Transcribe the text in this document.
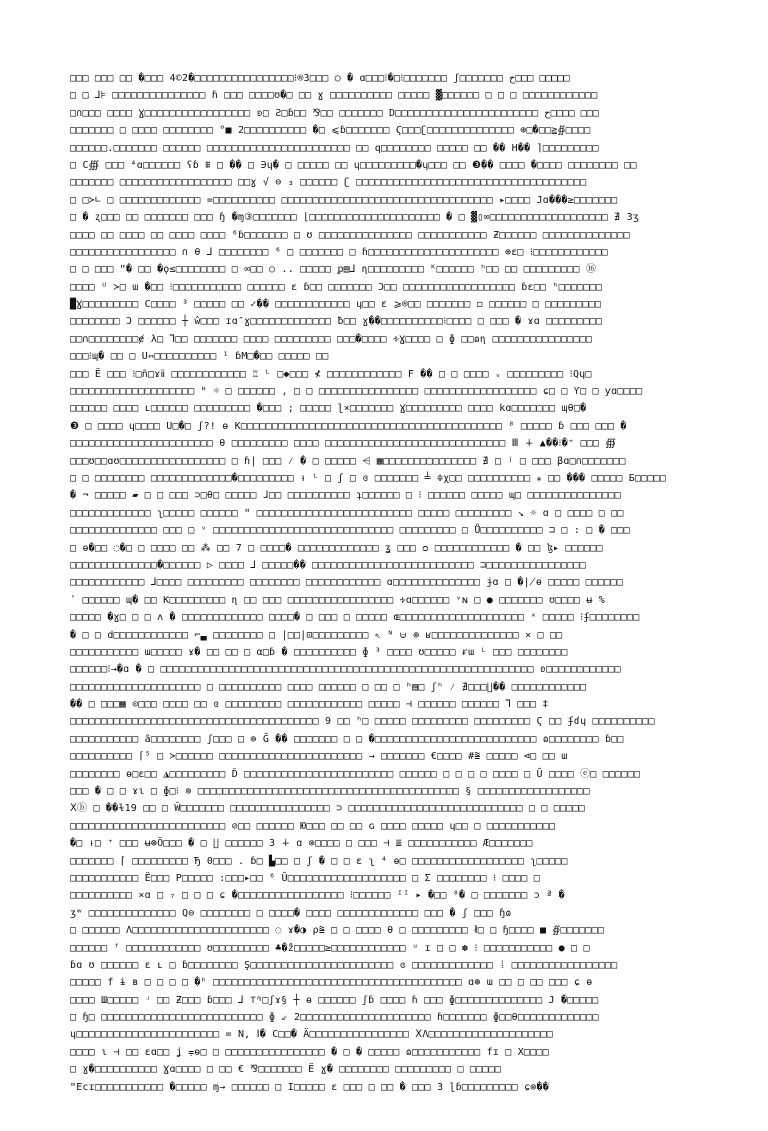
□□□ □□□ □□ �□□□ 4©2�□□□□□□□□□□□□□□□□⁝®3□□□ ○ � ɑ□□□⁝�□⁝□□□□□□□ ʃ□□□□□□□ ح□□□ □□□□□
□ □ ⅃⊧ □□□□□□□□□□□□□□□ ɦ □□□ □□□□ʊ�□ □□ ɣ □□□□□□□□□□ □□□□□ ▓□□□□□□ □ □ □ □□□□□□□□□□□□
□∩□□□ □□□□ Ɣ□□□□□□□□□□□□□□□□□ ʚ□ Ƨ□ɓ□□ ⅋□□ □□□□□□□ D□□□□□□□□□□□□□□□□□□□□□□□ ح□□□□ □□□
□□□□□□□ □ □□□□ □□□□□□□□ °■ 2□□□□□□□□□□ �□ ⩽ɓ□□□□□□□ Ϛ□□□ʗ□□□□□□□□□□□□□□ ⊕□�□□≧∯□□□□
□□□□□□.□□□□□□□ □□□□□□ □□□□□□□□□□□□□□□□□□□□□□□ □□ q□□□□□□□□ □□□□□ □□ �� H�� ⌉□□□□□□□□□
□ C∰ □□□ ⁴ɑ□□□□□□ ʕɓ ⩩ □ �� □ ∋ɥ� □ □□□□□ □□ ɥ□□□□□□□□□�ɥ□□□ □□ ❸�� □□□□ �□□□□ □□□□□□□□ □□
□□□□□□□ □□□□□□□□□□□□□□□□□□ □□ɣ √ ⊖ ₃ □□□□□□ ʗ □□□□□□□□□□□□□□□□□□□□□□□□□□□□□□□□□□□□□
□ □≻∟ □ □□□□□□□□□□□□□ =□□□□□□□□□□ □□□□□□□□□□□□□□□□□□□□□□□□□□□□□□□□□□ ▸□□□□ Jɑ���≥□□□□□□□
□ � ʐ□□□ □□ □□□□□□□ □□□ ɧ �ɱ③□□□□□□□ ⌊□□□□□□□□□□□□□□□□□□□□□ � □ ▓▯∞□□□□□□□□□□□□□□□□□□□ ∄ 3ʒ
□□□□ □□ □□□□ □□ □□□□ □□□□ ⁶ɓ□□□□□□□ □ ʊ □□□□□□□□□□□□□□□ □□□□□□□□□□□ Ƶ□□□□□□ □□□□□□□□□□□□□□
□□□□□□□□□□□□□□□□□ ∩ θ ⅃ □□□□□□□□ ⁶ □ □□□□□□□ □ ɦ□□□□□□□□□□□□□□□□□□□□□ ⊕ɛ□ ⁝□□□□□□□□□□□□
□ □ □□□ ʺ� □□ �ϙ≤□□□□□□□□ □ ∞□□ ○ .. □□□□□ ᵱ▤⅃ ɳ□□□□□□□□□ ᴷ□□□□□□ ʰ□□ □□ □□□□□□□□□ ⑯
□□□□ ᵁ ≻□ ɯ �□□ ⁝□□□□□□□□□□□ □□□□□□ ɛ ɓ□□ □□□□□□□ Ɔ□□ □□□□□□□□□□□□□□□□□□ ɓɛ□□ ʰ□□□□□□□
█Ɣ□□□□□□□□□ C□□□□ ³ □□□□□ □□ ✓�� □□□□□□□□□□□□ ɥ□□ ɛ ⩾®□□ □□□□□□□ ◻ □□□□□□ □ □□□□□□□□□
□□□□□□□□ Ɔ □□□□□□ ┼ ŵ□□□ ɪɑ″ɣ□□□□□□□□□□□□□ ƀ□□ ɣ��□□□□□□□□□□⁝□□□□ □ □□□ � ɤɑ □□□□□□□□□
□□∩□□□□□□□□ɇ λ□ ⅂□□ □□□□□□□ □□□□ □□□□□□□□□ □□□�□□□□ ∻Ɣ□□□□ □ ɸ □□ɷɳ □□□□□□□□□□□□□□□□
□□□⁝ɰ� □□ □ U⇔□□□□□□□□□□ ¹ ɓM□�□□ □□□□□ □□
□□□ Ë □□□ ⁝□ñ□ɤⅱ □□□□□□□□□□□□ ♖ ᴸ □◆□□□ ⊀ □□□□□□□□□□□□ F �� □ □ □□□□ ᵥ □□□□□□□□□ ⁝Qɥ□
□□□□□□□□□□□□□□□□□□□□ ᴴ ☼ □ □□□□□□ , □ □ □□□□□□□□□□□□□□□□ □□□□□□□□□□□□□□□□□□ ɕ□ □ Ƴ□ □ ƴɑ□□□□
□□□□□□ □□□□ ʟ□□□□□□ □□□□□□□□□ �□□□ ; □□□□□ ɭ×□□□□□□□ Ɣ□□□□□□□□□ □□□□ kɑ□□□□□□□ ɰθ□�
❸ □ □□□□ ɥ□□□□ U□�□ ʃ?! ɵ K□□□□□□□□□□□□□□□□□□□□□□□□□□□□□□□□□□□□□□□□□□ ⁸ □□□□□ ɓ □□□ □□□ �
□□□□□□□□□□□□□□□□□□□□□□□ θ □□□□□□□□□ □□□□ □□□□□□□□□□□□□□□□□□□□□□□□□□□□□ Ⅲ ∔ ▲��⁝�⁺ □□□ ∰
□□□ʊ□□ɑʊ□□□□□□□□□□□□□□□□□ □ ɦ∣ □□□ ⁄ � □ □□□□□ ⩤ ▦□□□□□□□□□□□□□□□ ∄ □ ʲ □ □□□ βɑ□∩□□□□□□□
□ □ □□□□□□□□ □□□□□□□□□□□□□�□□□□□□□□□ ᵼ ᴸ □ ʃ □ ɞ □□□□□□□ ╧ ≑χ□□ □□□□□□□□□□ ⁎ □□ ��� □□□□□ Б□□□□□
� ¬ □□□□□ ▰ □ □ □□□ ⊃□θ□ □□□□□ ɺ□□ □□□□□□□□□□ ʇ□□□□□□ □ ⁝ □□□□□□ □□□□□ ɰ□ □□□□□□□□□□□□□□□
□□□□□□□□□□□□□ ʅ□□□□□ □□□□□□ ʺ □□□□□□□□□□□□□□□□□□□□□□□□□ □□□□□ □□□□□□□□□ ↘ ☼ ɑ □ □□□□ □ □□
□□□□□□□□□□□□□□ □□□ □ ᵛ □□□□□□□□□□□□□□□□□□□□□□□□□□□□□ □□□□□□□□□ □ Ů□□□□□□□□□□ ⊐ □ : □ � □□□
□ ɵ�□□ ◌�□ □ □□□□ □□ ⁂ □□ 7 □ □□□□� □□□□□□□□□□□□□ ʓ □□□ ᴑ □□□□□□□□□□□□ � □□ ɮ▸ □□□□□□
□□□□□□□□□□□□□□�□□□□□□ ▷ □□□□ ⅃ □□□□□�� □□□□□□□□□□□□□□□□□□□□□□□□□□ ⊐□□□□□□□□□□□□□□□□
□□□□□□□□□□□□ ⅃□□□□ □□□□□□□□□ □□□□□□□□ □□□□□□□□□□□□ ɑ□□□□□□□□□□□□□□ ɉɑ □ �∤ɵ □□□□□ □□□□□□
ʹ □□□□□□ ɰ� □□ Ƙ□□□□□□□□□ ɳ □□ □□□ □□□□□□□□□□□□□□□□□ ∻ɑ□□□□□□ ᵛɴ □ ● □□□□□□□ ʊ□□□□ ʉ %
□□□□□ �ɣ□ □ □ ʌ � □□□□□□□□□□□□□ □□□□� □ □□□ □ □□□□□ ɶ□□□□□□□□□□□□□□□□□□□□ ˣ □□□□□ ⁝ʄ□□□□□□□□
� □ □ d□□□□□□□□□□□□ ⌐▃ □□□□□□□□ □ ∣□□∣⊡□□□□□□□□□ ⇖ ᴺ ⩁ ⊚ ʁ□□□□□□□□□□□□□□ × □ □□
□□□□□□□□□□□ ɯ□□□□□ ɤ� □□ □□ □ α□ɓ � □□□□□□□□□□ ɸ ³ □□□□ ʊ□□□□□ ᵲɯ ᴸ □□□ □□□□□□□□
□□□□□□⁝→�ɑ � □ □□□□□□□□□□□□□□□□□□□□□□□□□□□□□□□□□□□□□□□□□□□□□□□□□□□□□□□□□□□□ ʚ□□□□□□□□□□□□
□□□□□□□□□□□□□□□□□□□□□ □ □□□□□□□□□□ □□□□ □□□□□□ □ □□ □ ʰ▤□ ʃʰ ⁄ ∄□□□∐�� □□□□□□□□□□□□
�� □ □□□▦ ⊙□□□ □□□□ □□ ɞ □□□□□□□□□ □□□□□□□□□□□□ □□□□□ ⊣ □□□□□□ □□□□□□ ⅂ □□□ ‡
□□□□□□□□□□□□□□□□□□□□□□□□□□□□□□□□□□□□□□□□ 9 □□ ʰ□ □□□□□ □□□□□□□□□ □□□□□□□□□ Ϛ □□ ʄɗɥ □□□□□□□□□□
□□□□□□□□□□□ ã□□□□□□□□ ʃ□□□ □ ⊚ Ğ �� □□□□□□□ □ □ �□□□□□□□□□□□□□□□□□□□□□□□□□□ ɷ□□□□□□□□ ɓ□□
□□□□□□□□□□ ⌈⁵ □ ≻□□□□□□ □□□□□□□□□□□□□□□□□□□□□□□ → □□□□□□□ €□□□□ #⩰ □□□□□ ⊲□ □□ ɯ
□□□□□□□□ ɵ□ɛ□□ ◮□□□□□□□□□ Ď □□□□□□□□□□□□□□□□□□□□□□□□ □□□□□□ □ □ □ □ □□□□ □ Ŭ □□□□ ⓔ□ □□□□□□
□□□ � □ □ ɤɩ □ ɸ□⁝ ⊚ □□□□□□□□□□□□□□□□□□□□□□□□□□□□□□□□□□□□□□□□□□ § □□□□□□□□□□□□□□□□□□
Ⅹⓑ □ ��ɫ19 □□ □ Ŵ□□□□□□□ □□□□□□□□□□□□□□□□ ⊃ □□□□□□□□□□□□□□□□□□□□□□□□□□□□ □ □ □□□□□
□□□□□□□□□□□□□□□□□□□□□□□□□ ⊘□□ □□□□□□ Ю□□□ □□ □□ ɢ □□□□ □□□□□ ɥ□□ □ □□□□□□□□□□□
�□ ᵼ□ ⁺ □□□ ʉ⊛Ö□□□ � □ ∐ □□□□□□ 3 ∔ ɑ ⊗□□□□ □ □□□ ⊣ ≣ □□□□□□□□□□□ Æ□□□□□□□
□□□□□□□ ⌈ □□□□□□□□□ Ђ 0□□□ . ɓ□ ▙□□ □ ʃ � □ □ ɛ ʅ ⁴ ɵ□ □□□□□□□□□□□□□□□□□□ ʅ□□□□□
□□□□□□□□□□□ Ë□□□ P□□□□□ :□□□▸□□ ⁶ Ŭ□□□□□□□□□□□□□□□□□□□ □ Σ □□□□□□□□ ⁝ □□□□ □
□□□□□□□□□□ ×ɑ □ ₇ □ □ □ ɕ �□□□□□□□□□□□□□□□□□ ⁝□□□□□□ ᴵᴵ ▸ �□□ ⁸� □ □□□□□□□ ɔ ª �
ʒʷ □□□□□□□□□□□□□□ Q⊖ □□□□□□□□ □ □□□□� □□□□ □□□□□□□□□□□□□ □□□ � ʃ □□□ ɧɷ
□ □□□□□□ Λ□□□□□□□□□□□□□□□□□□□□□□ ◌ ɤ�◑ ρ⩰ □ □ □□□□ θ □ □□□□□□□□□ ∦□ □ ɧ□□□□ ■ ∯□□□□□□□
□□□□□□ ᶠ □□□□□□□□□□□□ ʊ□□□□□□□□□ ♣�ẑ□□□□□≥□□□□□□□□□□□□ ᵘ ɪ □ □ ✽ ⁝ □□□□□□□□□□□ ● □ □
ɓɑ ʊ □□□□□□ ɛ ʟ □ ɓ□□□□□□□□ Ş□□□□□□□□□□□□□□□□□□□□□□□ ɞ □□□□□□□□□□□□□ ⁞ □□□□□□□□□□□□□□□□□
□□□□□ f ɨ ʙ □ □ □ □ �ʰ □□□□□□□□□□□□□□□□□□□□□□□□□□□□□□□□□□□□□□□□ ɑ⊛ ɯ □□ □ □□ □□□ ɕ ɵ
□□□□ Ш□□□□□ ʴ □□ Ƶ□□□ ɓ□□□ ⅃ ⊤ᶬ□ʃɤ§ ┼ ɵ □□□□□□ ʃɓ □□□□ ɦ □□□ ɸ□□□□□□□□□□□□□□ J �□□□□□
□ ɧ□ □□□□□□□□□□□□□□□□□□□□□□□□□□ ɸ ⇙ 2□□□□□□□□□□□□□□□□□□□□□ ɦ□□□□□□□ ɸ□□θ□□□□□□□□□□□□□
ɥ□□□□□□□□□□□□□□□□□□□□□□□ = N, Ⅰ� C□□� Ä□□□□□□□□□□□□□□□□ ⅩɅ□□□□□□□□□□□□□□□□□□□□
□□□□ ɩ ⊣ □□ ɛɑ□□ ʝ ⩦ɵ□ □ □□□□□□□□□□□□□□□□ � □ � □□□□□ ɷ□□□□□□□□□□□ fɪ □ X□□□□
□ ɣ�□□□□□□□□□□ Ɣɑ□□□□ □ □□ € ⅋□□□□□□□ Ë ɣ� □□□□□□□□ □□□□□□□□□ □ □□□□□
ʺEcɪ□□□□□□□□□□□ �□□□□□ ɱ→ □□□□□□ □ I□□□□□ ɛ □□□ □ □□ � □□□ 3 ɭɓ□□□□□□□□□ ɕ⊗��
